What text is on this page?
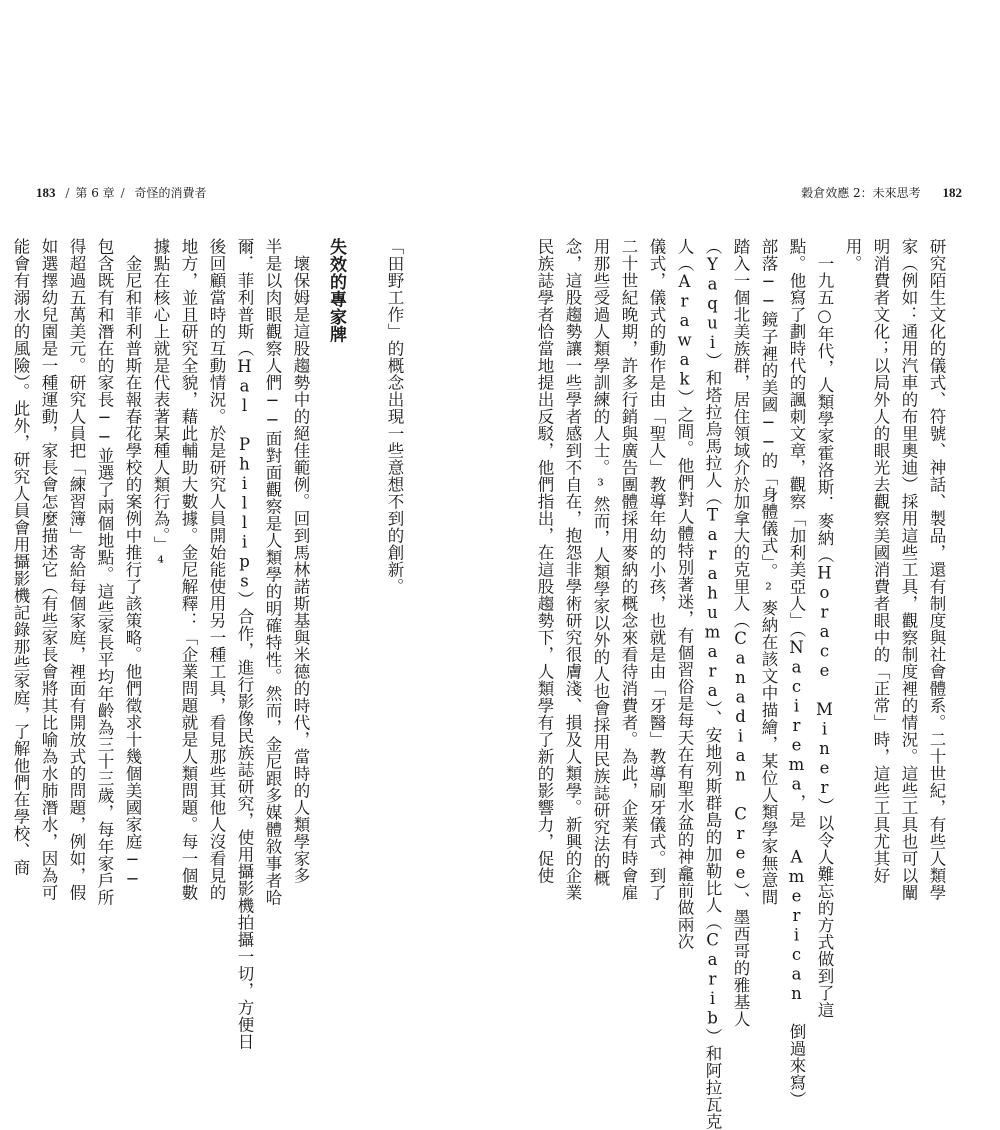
183 / 第 6 章 / 奇怪的消費者	穀倉效應 2：未來思考 182
研究陌生文化的儀式、符號、神話、製品，還有制度與社會體系。二十世紀，有些人類學
家（例如：通用汽車的布里奧迪）採用這些工具，觀察制度裡的情況。這些工具也可以闡
明消費者文化；以局外人的眼光去觀察美國消費者眼中的「正常」時，這些工具尤其好
用。
　一九五○年代，人類學家霍洛斯．麥納（Horace Miner）以令人難忘的方式做到了這
點。他寫了劃時代的諷刺文章，觀察「加利美亞人」（Nacirema，是 American 倒過來寫）
部落──鏡子裡的美國──的「身體儀式」。²麥納在該文中描繪，某位人類學家無意間
踏入一個北美族群，居住領域介於加拿大的克里人（Canadian Cree）、墨西哥的雅基人
（Yaqui）和塔拉烏馬拉人（Tarahumara）、安地列斯群島的加勒比人（Carib）和阿拉瓦克
人（Arawak）之間。他們對人體特別著迷，有個習俗是每天在有聖水盆的神龕前做兩次
儀式，儀式的動作是由「聖人」教導年幼的小孩，也就是由「牙醫」教導刷牙儀式。到了
二十世紀晚期，許多行銷與廣告團體採用麥納的概念來看待消費者。為此，企業有時會雇
用那些受過人類學訓練的人士。³然而，人類學家以外的人也會採用民族誌研究法的概
念，這股趨勢讓一些學者感到不自在，抱怨非學術研究很膚淺、損及人類學。新興的企業
民族誌學者恰當地提出反駁，他們指出，在這股趨勢下，人類學有了新的影響力，促使
「田野工作」的概念出現一些意想不到的創新。
失效的專家牌
　壞保姆是這股趨勢中的絕佳範例。回到馬林諾斯基與米德的時代，當時的人類學家多
半是以肉眼觀察人們──面對面觀察是人類學的明確特性。然而，金尼跟多媒體敘事者哈
爾．菲利普斯（Hal Phillips）合作，進行影像民族誌研究，使用攝影機拍攝一切，方便日
後回顧當時的互動情況。於是研究人員開始能使用另一種工具，看見那些其他人沒看見的
地方，並且研究全貌，藉此輔助大數據。金尼解釋：「企業問題就是人類問題。每一個數
據點在核心上就是代表著某種人類行為。」⁴
　金尼和菲利普斯在報春花學校的案例中推行了該策略。他們徵求十幾個美國家庭──
包含既有和潛在的家長──並選了兩個地點。這些家長平均年齡為三十三歲，每年家戶所
得超過五萬美元。研究人員把「練習簿」寄給每個家庭，裡面有開放式的問題，例如，假
如選擇幼兒園是一種運動，家長會怎麼描述它（有些家長會將其比喻為水肺潛水，因為可
能會有溺水的風險）。此外，研究人員會用攝影機記錄那些家庭，了解他們在學校、商
